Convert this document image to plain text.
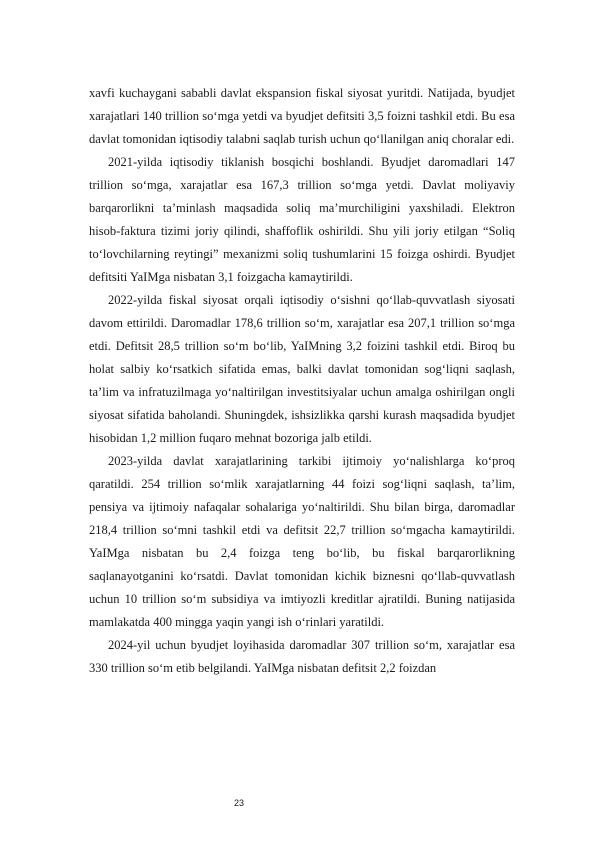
xavfi kuchaygani sababli davlat ekspansion fiskal siyosat yuritdi. Natijada, byudjet xarajatlari 140 trillion so‘mga yetdi va byudjet defitsiti 3,5 foizni tashkil etdi. Bu esa davlat tomonidan iqtisodiy talabni saqlab turish uchun qo‘llanilgan aniq choralar edi.

2021-yilda iqtisodiy tiklanish bosqichi boshlandi. Byudjet daromadlari 147 trillion so‘mga, xarajatlar esa 167,3 trillion so‘mga yetdi. Davlat moliyaviy barqarorlikni ta’minlash maqsadida soliq ma’murchiligini yaxshiladi. Elektron hisob-faktura tizimi joriy qilindi, shaffoflik oshirildi. Shu yili joriy etilgan “Soliq to‘lovchilarning reytingi” mexanizmi soliq tushumlarini 15 foizga oshirdi. Byudjet defitsiti YaIMga nisbatan 3,1 foizgacha kamaytirildi.

2022-yilda fiskal siyosat orqali iqtisodiy o‘sishni qo‘llab-quvvatlash siyosati davom ettirildi. Daromadlar 178,6 trillion so‘m, xarajatlar esa 207,1 trillion so‘mga etdi. Defitsit 28,5 trillion so‘m bo‘lib, YaIMning 3,2 foizini tashkil etdi. Biroq bu holat salbiy ko‘rsatkich sifatida emas, balki davlat tomonidan sog‘liqni saqlash, ta’lim va infratuzilmaga yo‘naltirilgan investitsiyalar uchun amalga oshirilgan ongli siyosat sifatida baholandi. Shuningdek, ishsizlikka qarshi kurash maqsadida byudjet hisobidan 1,2 million fuqaro mehnat bozoriga jalb etildi.

2023-yilda davlat xarajatlarining tarkibi ijtimoiy yo‘nalishlarga ko‘proq qaratildi. 254 trillion so‘mlik xarajatlarning 44 foizi sog‘liqni saqlash, ta’lim, pensiya va ijtimoiy nafaqalar sohalariga yo‘naltirildi. Shu bilan birga, daromadlar 218,4 trillion so‘mni tashkil etdi va defitsit 22,7 trillion so‘mgacha kamaytirildi. YaIMga nisbatan bu 2,4 foizga teng bo‘lib, bu fiskal barqarorlikning saqlanayotganini ko‘rsatdi. Davlat tomonidan kichik biznesni qo‘llab-quvvatlash uchun 10 trillion so‘m subsidiya va imtiyozli kreditlar ajratildi. Buning natijasida mamlakatda 400 mingga yaqin yangi ish o‘rinlari yaratildi.

2024-yil uchun byudjet loyihasida daromadlar 307 trillion so‘m, xarajatlar esa 330 trillion so‘m etib belgilandi. YaIMga nisbatan defitsit 2,2 foizdan

23
